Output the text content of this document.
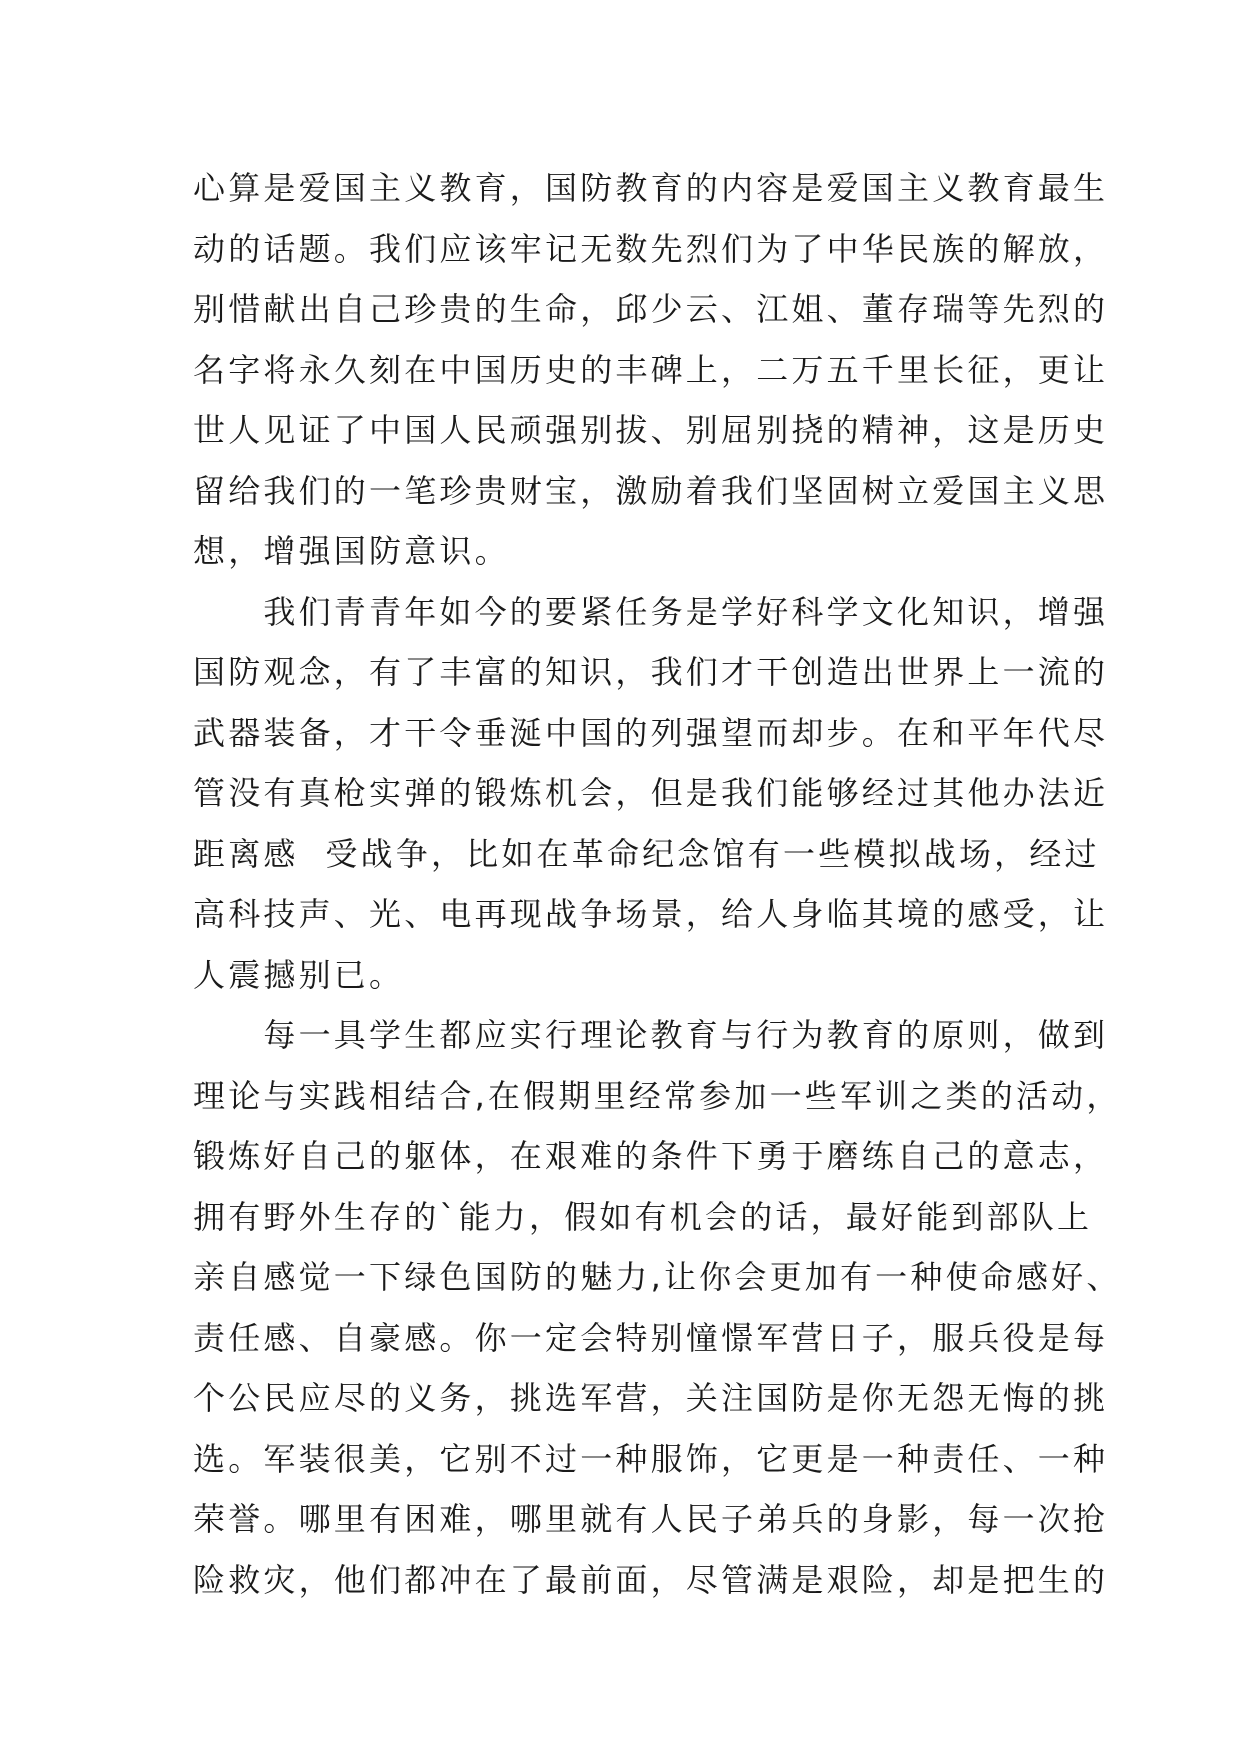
心算是爱国主义教育，国防教育的内容是爱国主义教育最生
动的话题。我们应该牢记无数先烈们为了中华民族的解放，
别惜献出自己珍贵的生命，邱少云、江姐、董存瑞等先烈的
名字将永久刻在中国历史的丰碑上，二万五千里长征，更让
世人见证了中国人民顽强别拔、别屈别挠的精神，这是历史
留给我们的一笔珍贵财宝，激励着我们坚固树立爱国主义思
想，增强国防意识。
　　我们青青年如今的要紧任务是学好科学文化知识，增强
国防观念，有了丰富的知识，我们才干创造出世界上一流的
武器装备，才干令垂涎中国的列强望而却步。在和平年代尽
管没有真枪实弹的锻炼机会，但是我们能够经过其他办法近
距离感  受战争，比如在革命纪念馆有一些模拟战场，经过
高科技声、光、电再现战争场景，给人身临其境的感受，让
人震撼别已。
　　每一具学生都应实行理论教育与行为教育的原则，做到
理论与实践相结合,在假期里经常参加一些军训之类的活动，
锻炼好自己的躯体，在艰难的条件下勇于磨练自己的意志，
拥有野外生存的`能力，假如有机会的话，最好能到部队上
亲自感觉一下绿色国防的魅力,让你会更加有一种使命感好、
责任感、自豪感。你一定会特别憧憬军营日子，服兵役是每
个公民应尽的义务，挑选军营，关注国防是你无怨无悔的挑
选。军装很美，它别不过一种服饰，它更是一种责任、一种
荣誉。哪里有困难，哪里就有人民子弟兵的身影，每一次抢
险救灾，他们都冲在了最前面，尽管满是艰险，却是把生的
